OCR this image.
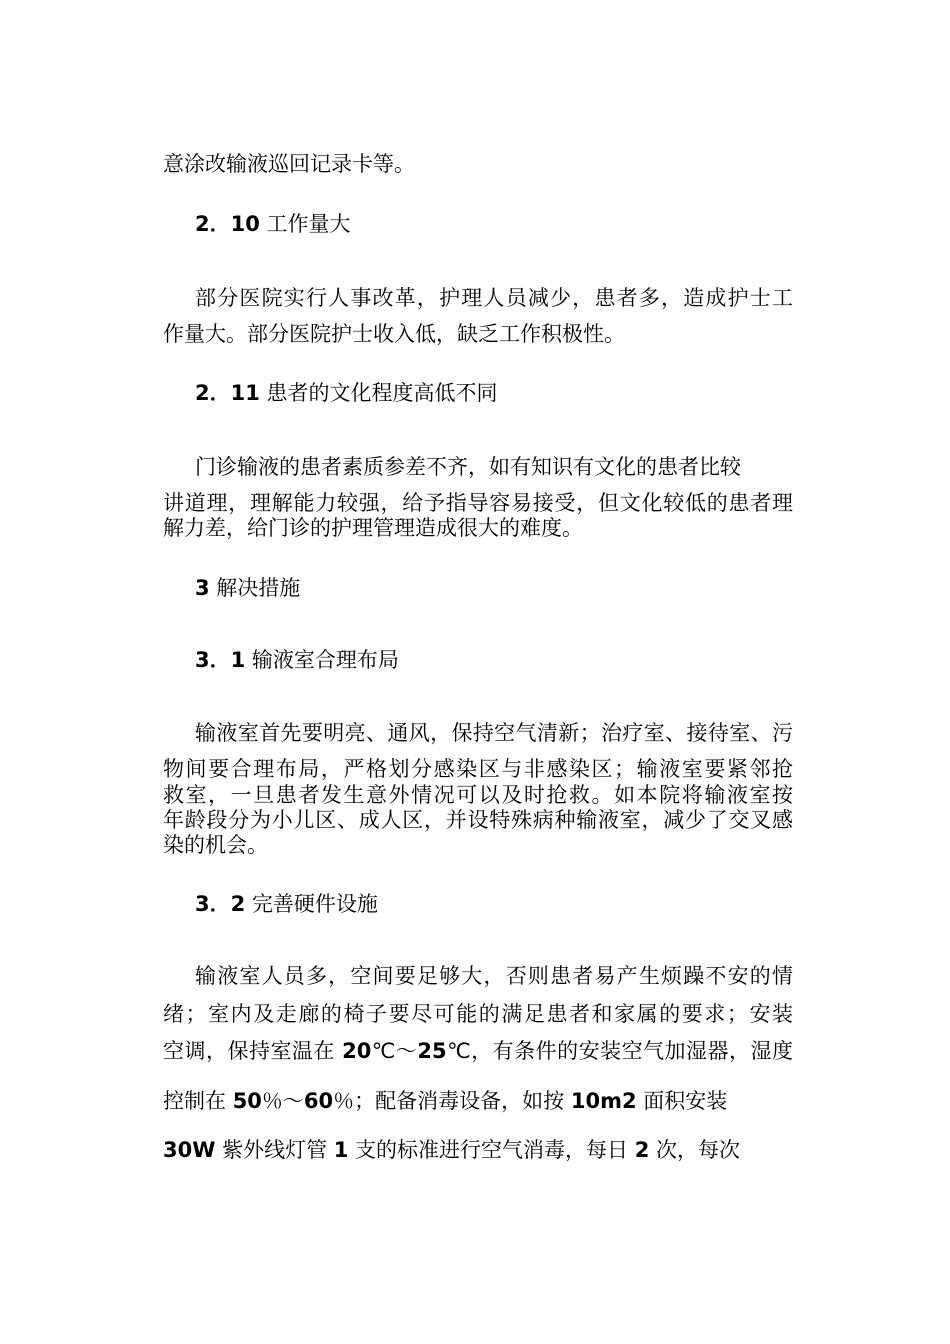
意涂改输液巡回记录卡等。
2．10 工作量大
部分医院实行人事改革，护理人员减少，患者多，造成护士工
作量大。部分医院护士收入低，缺乏工作积极性。
2．11 患者的文化程度高低不同
门诊输液的患者素质参差不齐，如有知识有文化的患者比较
讲道理，理解能力较强，给予指导容易接受，但文化较低的患者理
解力差，给门诊的护理管理造成很大的难度。
3 解决措施
3．1 输液室合理布局
输液室首先要明亮、通风，保持空气清新；治疗室、接待室、污
物间要合理布局，严格划分感染区与非感染区；输液室要紧邻抢
救室，一旦患者发生意外情况可以及时抢救。如本院将输液室按
年龄段分为小儿区、成人区，并设特殊病种输液室，减少了交叉感
染的机会。
3．2 完善硬件设施
输液室人员多，空间要足够大，否则患者易产生烦躁不安的情
绪；室内及走廊的椅子要尽可能的满足患者和家属的要求；安装
空调，保持室温在 20℃～25℃，有条件的安装空气加湿器，湿度
控制在 50％～60％；配备消毒设备，如按 10m2 面积安装
30W 紫外线灯管 1 支的标准进行空气消毒，每日 2 次，每次
